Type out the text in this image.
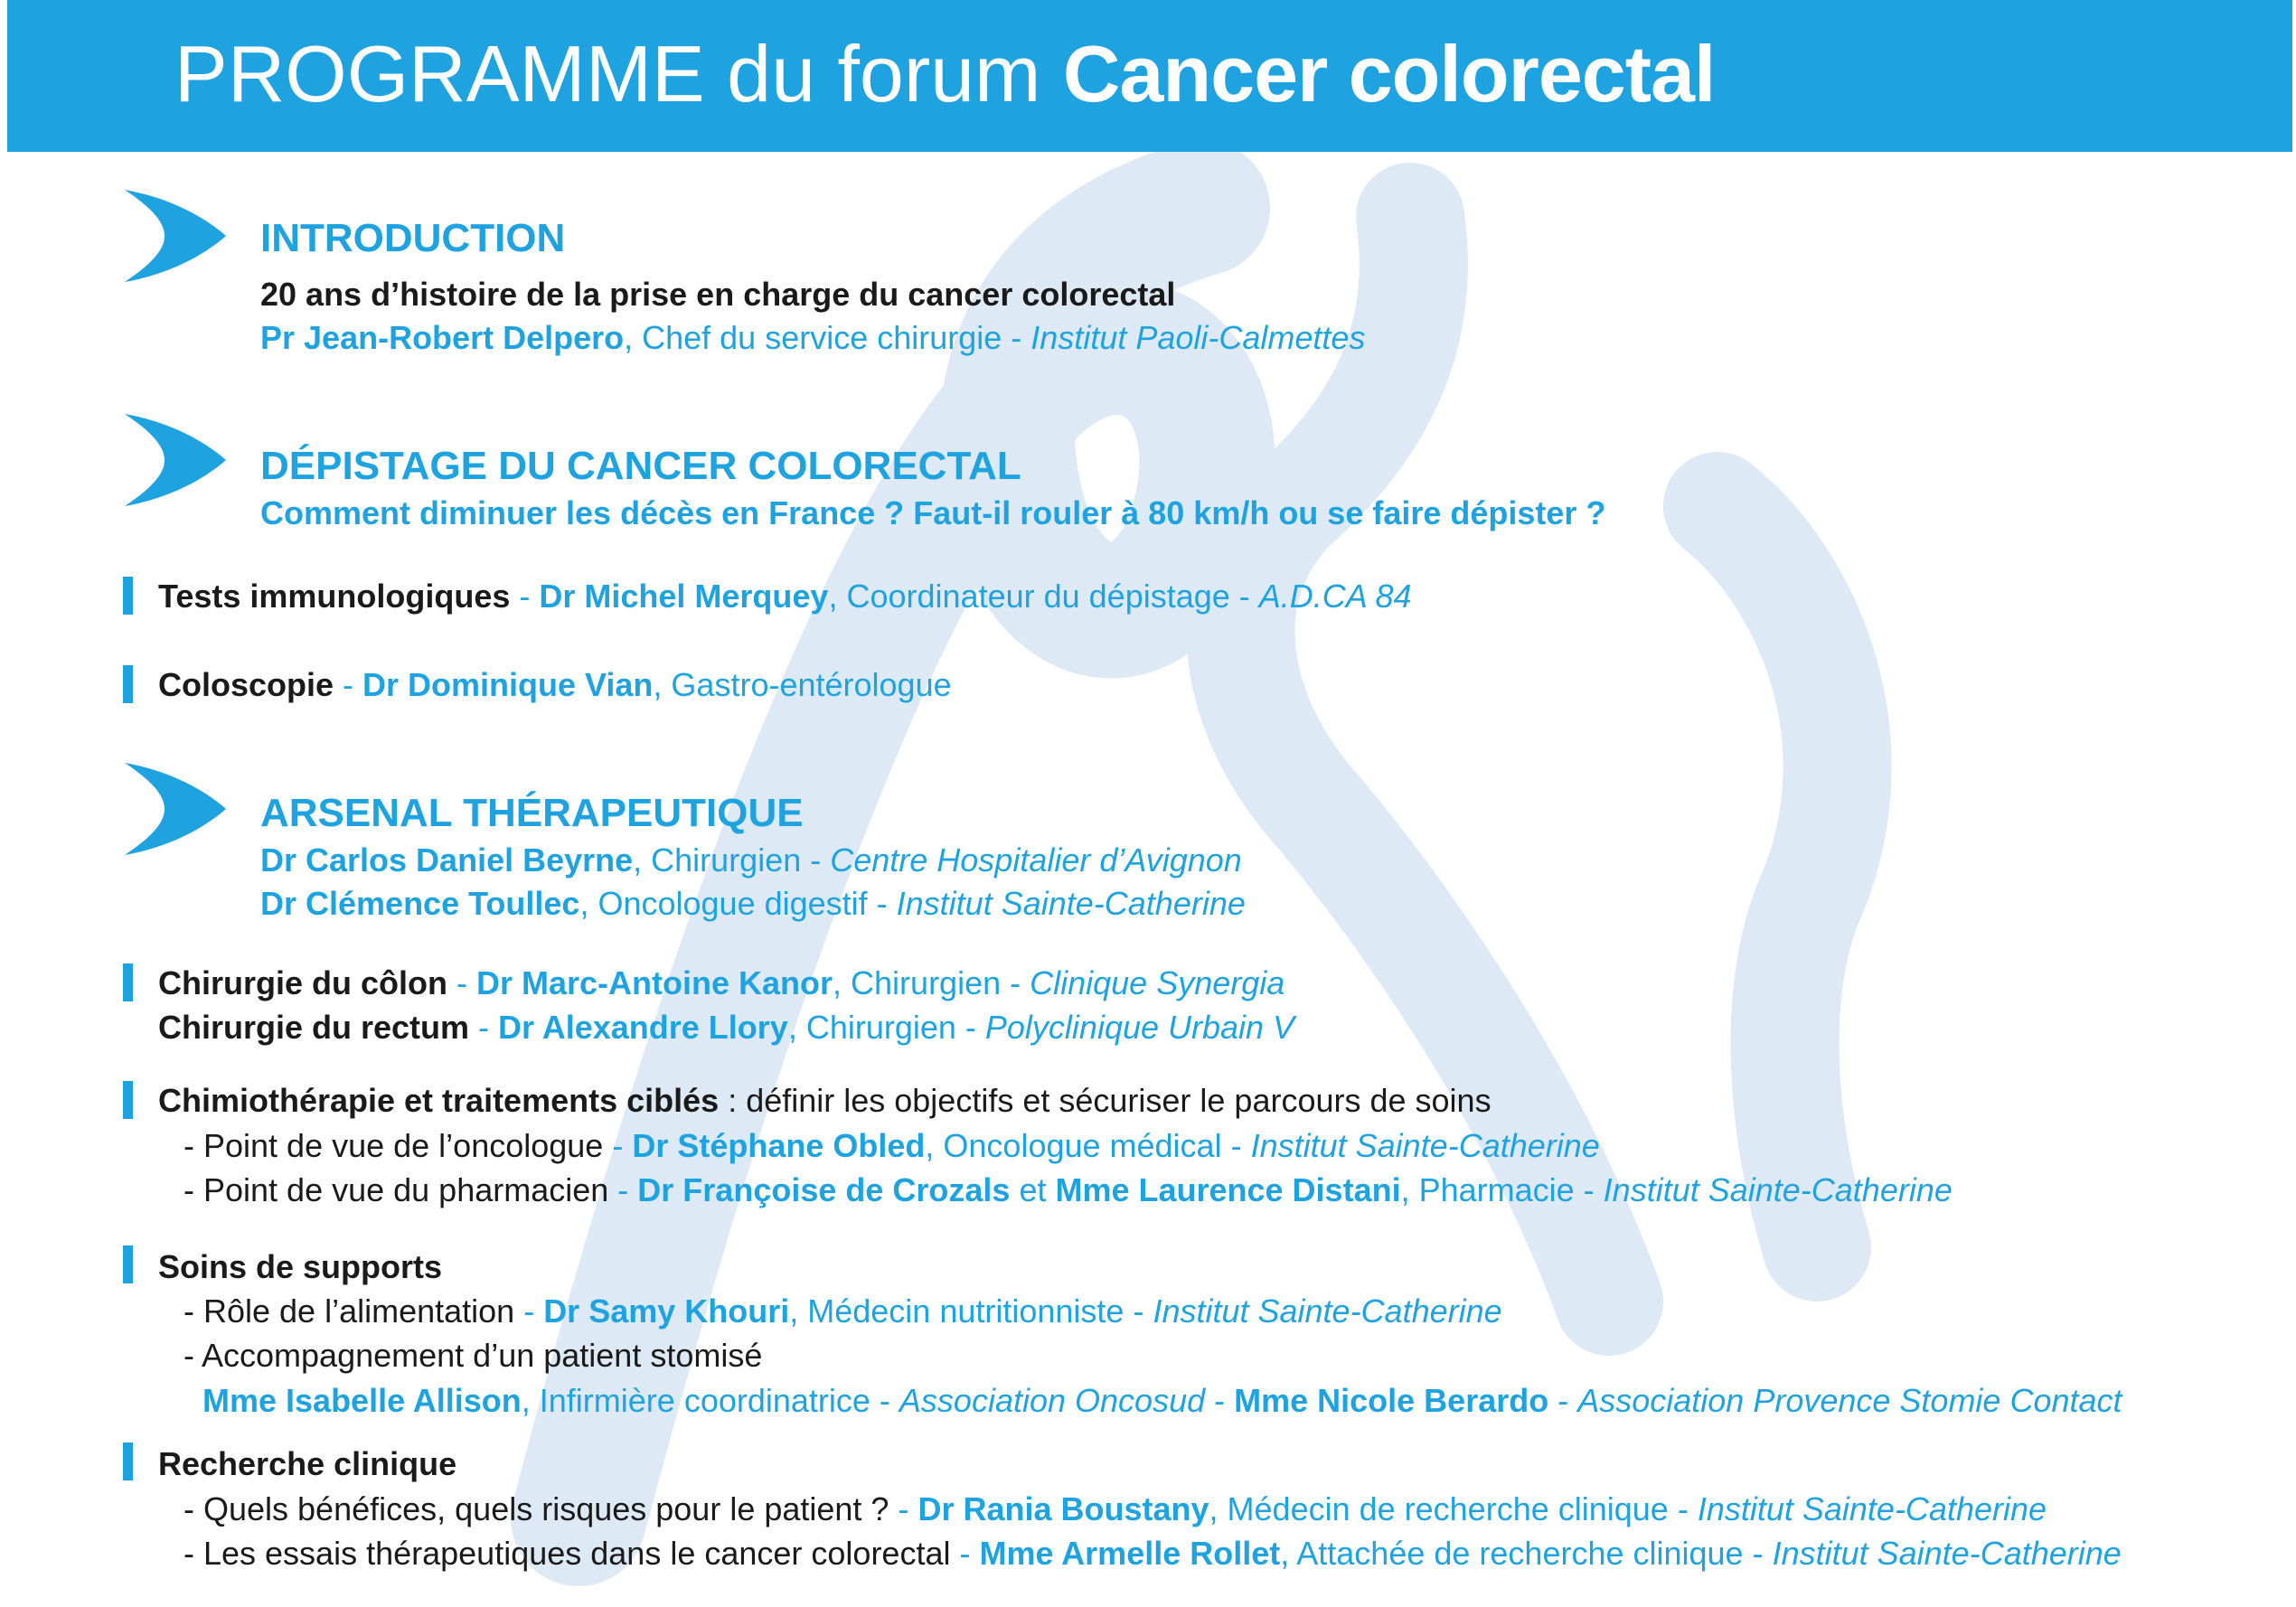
PROGRAMME du forum Cancer colorectal
INTRODUCTION
20 ans d’histoire de la prise en charge du cancer colorectal
Pr Jean-Robert Delpero, Chef du service chirurgie - Institut Paoli-Calmettes
DÉPISTAGE DU CANCER COLORECTAL
Comment diminuer les décès en France ? Faut-il rouler à 80 km/h ou se faire dépister ?
Tests immunologiques - Dr Michel Merquey, Coordinateur du dépistage - A.D.CA 84
Coloscopie - Dr Dominique Vian, Gastro-entérologue
ARSENAL THÉRAPEUTIQUE
Dr Carlos Daniel Beyrne, Chirurgien - Centre Hospitalier d’Avignon
Dr Clémence Toullec, Oncologue digestif - Institut Sainte-Catherine
Chirurgie du côlon - Dr Marc-Antoine Kanor, Chirurgien - Clinique Synergia
Chirurgie du rectum - Dr Alexandre Llory, Chirurgien - Polyclinique Urbain V
Chimiothérapie et traitements ciblés : définir les objectifs et sécuriser le parcours de soins
- Point de vue de l’oncologue - Dr Stéphane Obled, Oncologue médical - Institut Sainte-Catherine
- Point de vue du pharmacien - Dr Françoise de Crozals et Mme Laurence Distani, Pharmacie - Institut Sainte-Catherine
Soins de supports
- Rôle de l’alimentation - Dr Samy Khouri, Médecin nutritionniste - Institut Sainte-Catherine
- Accompagnement d’un patient stomisé
Mme Isabelle Allison, Infirmière coordinatrice - Association Oncosud - Mme Nicole Berardo - Association Provence Stomie Contact
Recherche clinique
- Quels bénéfices, quels risques pour le patient ? - Dr Rania Boustany, Médecin de recherche clinique - Institut Sainte-Catherine
- Les essais thérapeutiques dans le cancer colorectal - Mme Armelle Rollet, Attachée de recherche clinique - Institut Sainte-Catherine
